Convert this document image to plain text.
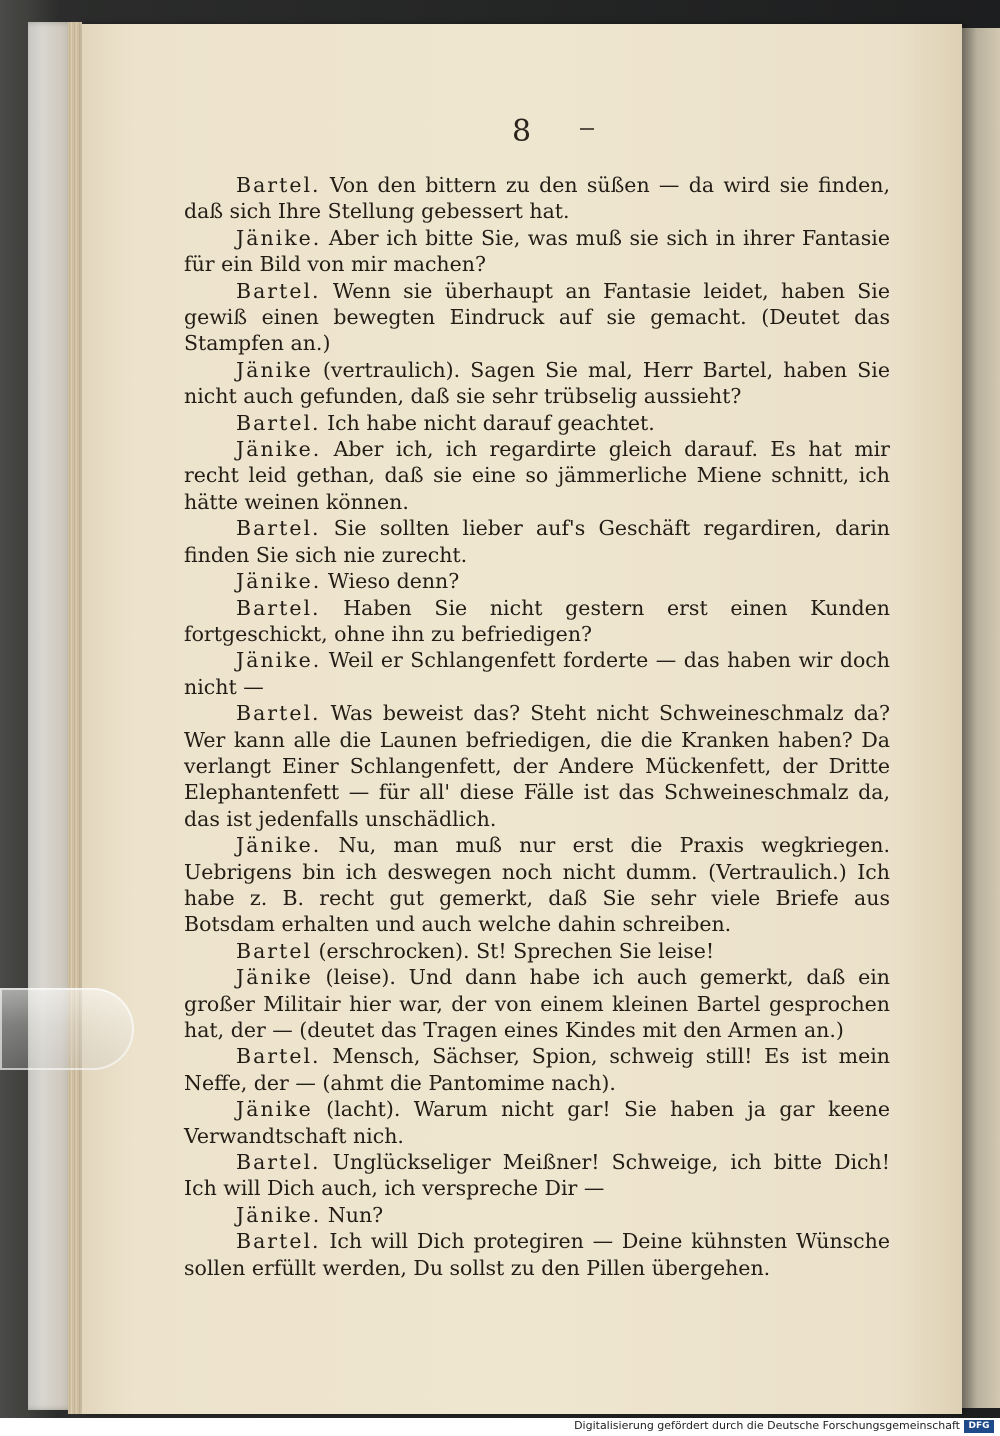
8

Bartel. Von den bittern zu den süßen — da wird sie finden, daß sich Ihre Stellung gebessert hat.

Jänike. Aber ich bitte Sie, was muß sie sich in ihrer Fantasie für ein Bild von mir machen?

Bartel. Wenn sie überhaupt an Fantasie leidet, haben Sie gewiß einen bewegten Eindruck auf sie gemacht. (Deutet das Stampfen an.)

Jänike (vertraulich). Sagen Sie mal, Herr Bartel, haben Sie nicht auch gefunden, daß sie sehr trübselig aussieht?

Bartel. Ich habe nicht darauf geachtet.

Jänike. Aber ich, ich regardirte gleich darauf. Es hat mir recht leid gethan, daß sie eine so jämmerliche Miene schnitt, ich hätte weinen können.

Bartel. Sie sollten lieber auf's Geschäft regardiren, darin finden Sie sich nie zurecht.

Jänike. Wieso denn?

Bartel. Haben Sie nicht gestern erst einen Kunden fortgeschickt, ohne ihn zu befriedigen?

Jänike. Weil er Schlangenfett forderte — das haben wir doch nicht —

Bartel. Was beweist das? Steht nicht Schweineschmalz da? Wer kann alle die Launen befriedigen, die die Kranken haben? Da verlangt Einer Schlangenfett, der Andere Mückenfett, der Dritte Elephantenfett — für all' diese Fälle ist das Schweineschmalz da, das ist jedenfalls unschädlich.

Jänike. Nu, man muß nur erst die Praxis wegkriegen. Uebrigens bin ich deswegen noch nicht dumm. (Vertraulich.) Ich habe z. B. recht gut gemerkt, daß Sie sehr viele Briefe aus Botsdam erhalten und auch welche dahin schreiben.

Bartel (erschrocken). St! Sprechen Sie leise!

Jänike (leise). Und dann habe ich auch gemerkt, daß ein großer Militair hier war, der von einem kleinen Bartel gesprochen hat, der — (deutet das Tragen eines Kindes mit den Armen an.)

Bartel. Mensch, Sächser, Spion, schweig still! Es ist mein Neffe, der — (ahmt die Pantomime nach).

Jänike (lacht). Warum nicht gar! Sie haben ja gar keene Verwandtschaft nich.

Bartel. Unglückseliger Meißner! Schweige, ich bitte Dich! Ich will Dich auch, ich verspreche Dir —

Jänike. Nun?

Bartel. Ich will Dich protegiren — Deine kühnsten Wünsche sollen erfüllt werden, Du sollst zu den Pillen übergehen.

Digitalisierung gefördert durch die Deutsche Forschungsgemeinschaft DFG
